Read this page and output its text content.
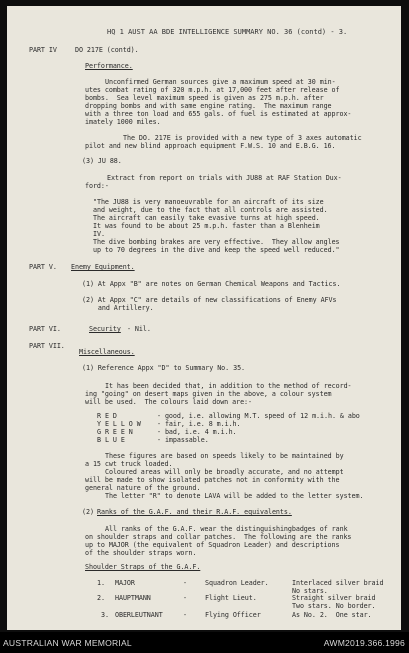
HQ 1 AUST AA BDE INTELLIGENCE SUMMARY NO. 36 (contd) - 3.
PART IV	DO 217E (contd).
Performance.
Unconfirmed German sources give a maximum speed at 30 min-
utes combat rating of 320 m.p.h. at 17,000 feet after release of
bombs.  Sea level maximum speed is given as 275 m.p.h. after
dropping bombs and with same engine rating.  The maximum range
with a three ton load and 655 gals. of fuel is estimated at approx-
imately 1000 miles.
The DO. 217E is provided with a new type of 3 axes automatic
pilot and new blind approach equipment F.W.S. 10 and E.B.G. 16.
(3) JU 88.
Extract from report on trials with JU88 at RAF Station Dux-
ford:-
"The JU88 is very manoeuvrable for an aircraft of its size
and weight, due to the fact that all controls are assisted.
The aircraft can easily take evasive turns at high speed.
It was found to be about 25 m.p.h. faster than a Blenheim
IV.
The dive bombing brakes are very effective.  They allow angles
up to 70 degrees in the dive and keep the speed well reduced."
PART V. Enemy Equipment.
(1) At Appx "B" are notes on German Chemical Weapons and Tactics.
(2) At Appx "C" are details of new classifications of Enemy AFVs
and Artillery.
PART VI.	Security - Nil.
PART VII.
Miscellaneous.
(1) Reference Appx "D" to Summary No. 35.
It has been decided that, in addition to the method of record-
ing "going" on desert maps given in the above, a colour system
will be used.  The colours laid down are:-
R E D	- good, i.e. allowing M.T. speed of 12 m.i.h. & abo
Y E L L O W - fair, i.e. 8 m.i.h.
G R E E N	- bad, i.e. 4 m.i.h.
B L U E	- impassable.
These figures are based on speeds likely to be maintained by
a 15 cwt truck loaded.
Coloured areas will only be broadly accurate, and no attempt
will be made to show isolated patches not in conformity with the
general nature of the ground.
The letter "R" to denote LAVA will be added to the letter system.
(2) Ranks of the G.A.F. and their R.A.F. equivalents.
All ranks of the G.A.F. wear the distinguishingbadges of rank
on shoulder straps and collar patches.  The following are the ranks
up to MAJOR (the equivalent of Squadron Leader) and descriptions
of the shoulder straps worn.
Shoulder Straps of the G.A.F.
1. MAJOR	-	Squadron Leader.	Interlaced silver braid
No stars.
2. HAUPTMANN	-	Flight Lieut.	Straight silver braid
Two stars. No border.
3. OBERLEUTNANT	-	Flying Officer	As No. 2.  One star.
AUSTRALIAN WAR MEMORIAL	AWM2019.366.1996
